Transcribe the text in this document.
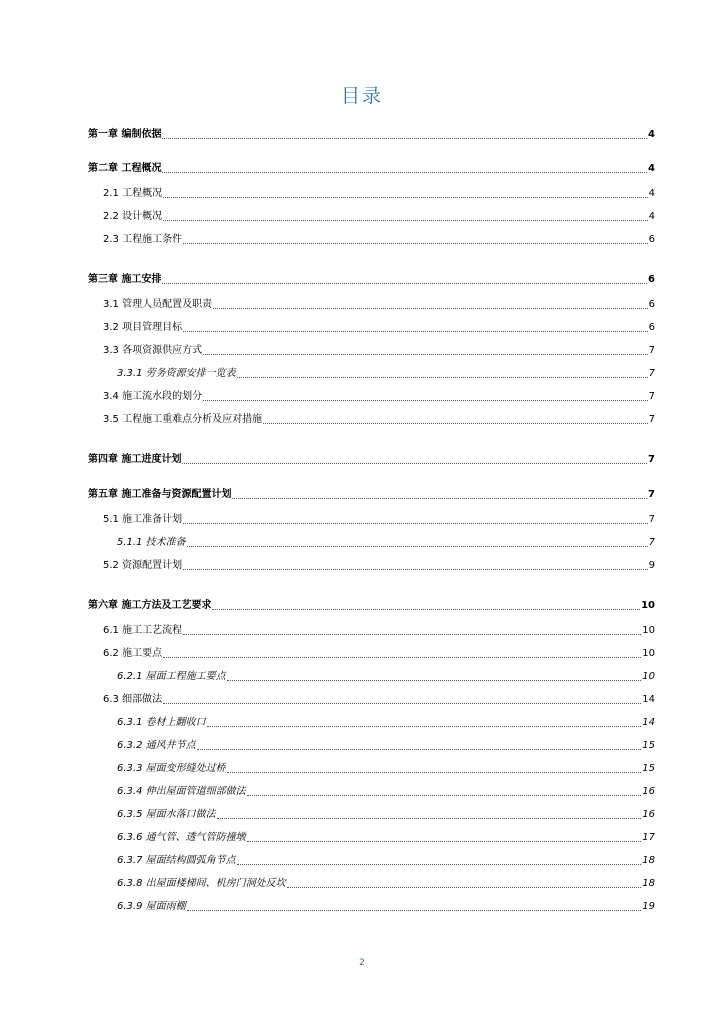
目录
第一章 编制依据	4
第二章 工程概况	4
2.1 工程概况	4
2.2 设计概况	4
2.3 工程施工条件	6
第三章 施工安排	6
3.1 管理人员配置及职责	6
3.2 项目管理目标	6
3.3 各项资源供应方式	7
3.3.1 劳务资源安排一览表	7
3.4 施工流水段的划分	7
3.5 工程施工重难点分析及应对措施	7
第四章 施工进度计划	7
第五章 施工准备与资源配置计划	7
5.1 施工准备计划	7
5.1.1 技术准备	7
5.2 资源配置计划	9
第六章 施工方法及工艺要求	10
6.1 施工工艺流程	10
6.2 施工要点	10
6.2.1 屋面工程施工要点	10
6.3 细部做法	14
6.3.1 卷材上翻收口	14
6.3.2 通风井节点	15
6.3.3 屋面变形缝处过桥	15
6.3.4 伸出屋面管道细部做法	16
6.3.5 屋面水落口做法	16
6.3.6 通气管、透气管防撞墩	17
6.3.7 屋面结构圆弧角节点	18
6.3.8 出屋面楼梯间、机房门洞处反坎	18
6.3.9 屋面雨棚	19
2
